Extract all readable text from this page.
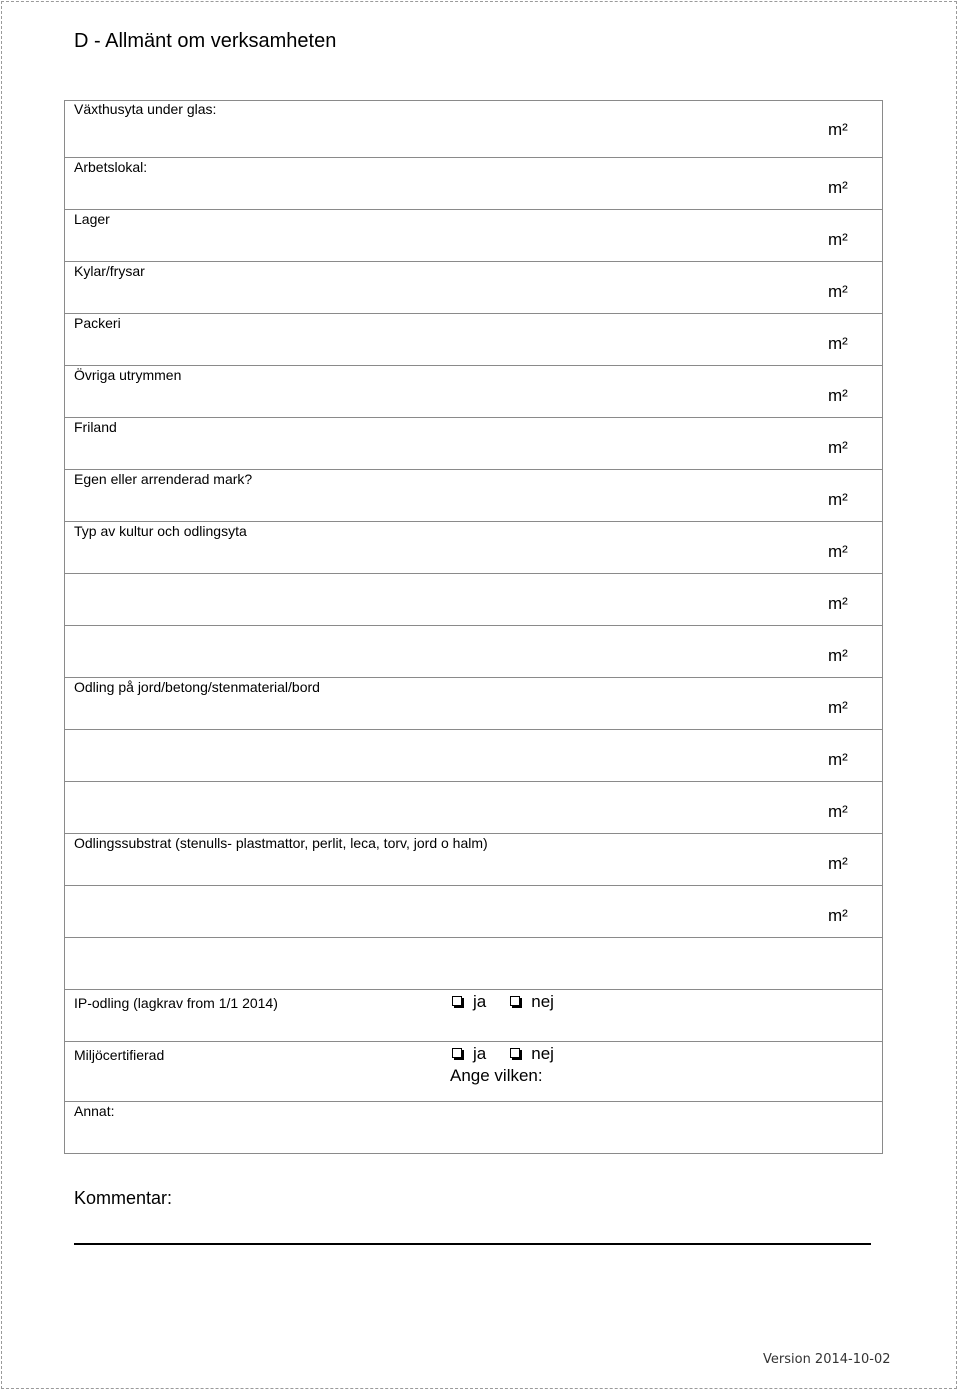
D - Allmänt om verksamheten
Växthusyta under glas:
Arbetslokal:
Lager
Kylar/frysar
Packeri
Övriga utrymmen
Friland
Egen eller arrenderad mark?
Typ av kultur och odlingsyta
Odling på jord/betong/stenmaterial/bord
Odlingssubstrat (stenulls- plastmattor, perlit, leca, torv, jord o halm)
IP-odling (lagkrav from 1/1 2014)
Miljöcertifierad
Annat:
m²
m²
m²
m²
m²
m²
m²
m²
m²
m²
m²
m²
m²
m²
m²
m²
ja	nej
ja	nej
Ange vilken:
Kommentar:
Version 2014-10-02
